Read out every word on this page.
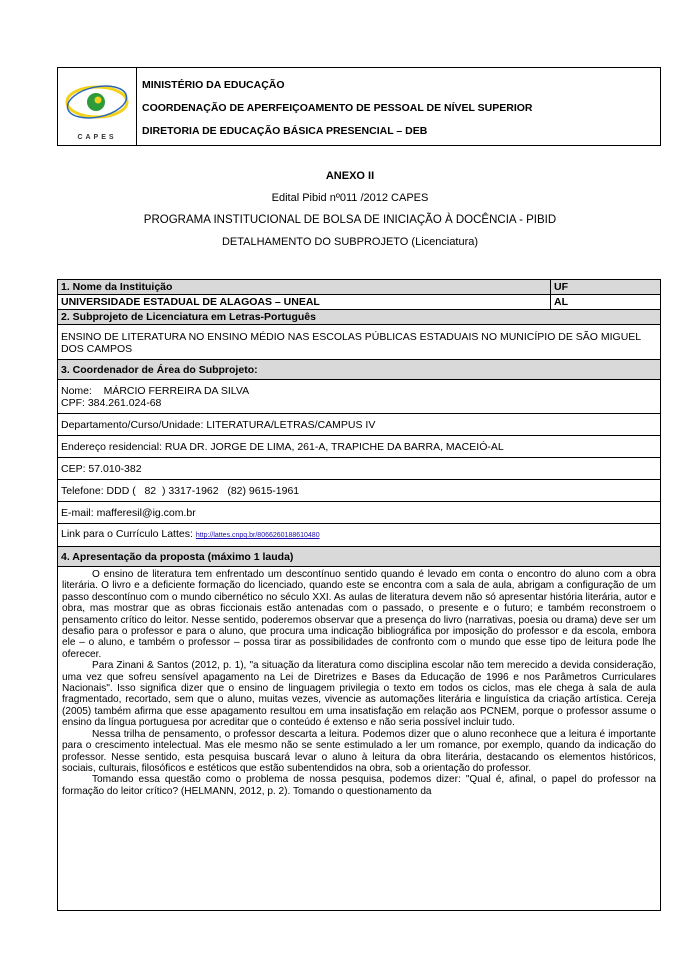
CAPES
MINISTÉRIO DA EDUCAÇÃO
COORDENAÇÃO DE APERFEIÇOAMENTO DE PESSOAL DE NÍVEL SUPERIOR
DIRETORIA DE EDUCAÇÃO BÁSICA PRESENCIAL – DEB
ANEXO II
Edital Pibid nº011 /2012 CAPES
PROGRAMA INSTITUCIONAL DE BOLSA DE INICIAÇÃO À DOCÊNCIA - PIBID
DETALHAMENTO DO SUBPROJETO (Licenciatura)
1. Nome da Instituição	UF
UNIVERSIDADE ESTADUAL DE ALAGOAS – UNEAL	AL
2. Subprojeto de Licenciatura em Letras-Português
ENSINO DE LITERATURA NO ENSINO MÉDIO NAS ESCOLAS PÚBLICAS ESTADUAIS NO MUNICÍPIO DE SÃO MIGUEL DOS CAMPOS
3. Coordenador de Área do Subprojeto:
Nome:    MÁRCIO FERREIRA DA SILVA
CPF: 384.261.024-68
Departamento/Curso/Unidade: LITERATURA/LETRAS/CAMPUS IV
Endereço residencial: RUA DR. JORGE DE LIMA, 261-A, TRAPICHE DA BARRA, MACEIÓ-AL
CEP: 57.010-382
Telefone: DDD (   82  ) 3317-1962   (82) 9615-1961
E-mail: mafferesil@ig.com.br
Link para o Currículo Lattes: http://lattes.cnpq.br/8066260188610480
4. Apresentação da proposta (máximo 1 lauda)

O ensino de literatura tem enfrentado um descontínuo sentido quando é levado em conta o encontro do aluno com a obra literária. O livro e a deficiente formação do licenciado, quando este se encontra com a sala de aula, abrigam a configuração de um passo descontínuo com o mundo cibernético no século XXI. As aulas de literatura devem não só apresentar história literária, autor e obra, mas mostrar que as obras ficcionais estão antenadas com o passado, o presente e o futuro; e também reconstroem o pensamento crítico do leitor. Nesse sentido, poderemos observar que a presença do livro (narrativas, poesia ou drama) deve ser um desafio para o professor e para o aluno, que procura uma indicação bibliográfica por imposição do professor e da escola, embora ele – o aluno, e também o professor – possa tirar as possibilidades de confronto com o mundo que esse tipo de leitura pode lhe oferecer.

Para Zinani & Santos (2012, p. 1), "a situação da literatura como disciplina escolar não tem merecido a devida consideração, uma vez que sofreu sensível apagamento na Lei de Diretrizes e Bases da Educação de 1996 e nos Parâmetros Curriculares Nacionais". Isso significa dizer que o ensino de linguagem privilegia o texto em todos os ciclos, mas ele chega à sala de aula fragmentado, recortado, sem que o aluno, muitas vezes, vivencie as automações literária e linguística da criação artística. Cereja (2005) também afirma que esse apagamento resultou em uma insatisfação em relação aos PCNEM, porque o professor assume o ensino da língua portuguesa por acreditar que o conteúdo é extenso e não seria possível incluir tudo.

Nessa trilha de pensamento, o professor descarta a leitura. Podemos dizer que o aluno reconhece que a leitura é importante para o crescimento intelectual. Mas ele mesmo não se sente estimulado a ler um romance, por exemplo, quando da indicação do professor. Nesse sentido, esta pesquisa buscará levar o aluno à leitura da obra literária, destacando os elementos históricos, sociais, culturais, filosóficos e estéticos que estão subentendidos na obra, sob a orientação do professor.

Tomando essa questão como o problema de nossa pesquisa, podemos dizer: "Qual é, afinal, o papel do professor na formação do leitor crítico? (HELMANN, 2012, p. 2). Tomando o questionamento da
